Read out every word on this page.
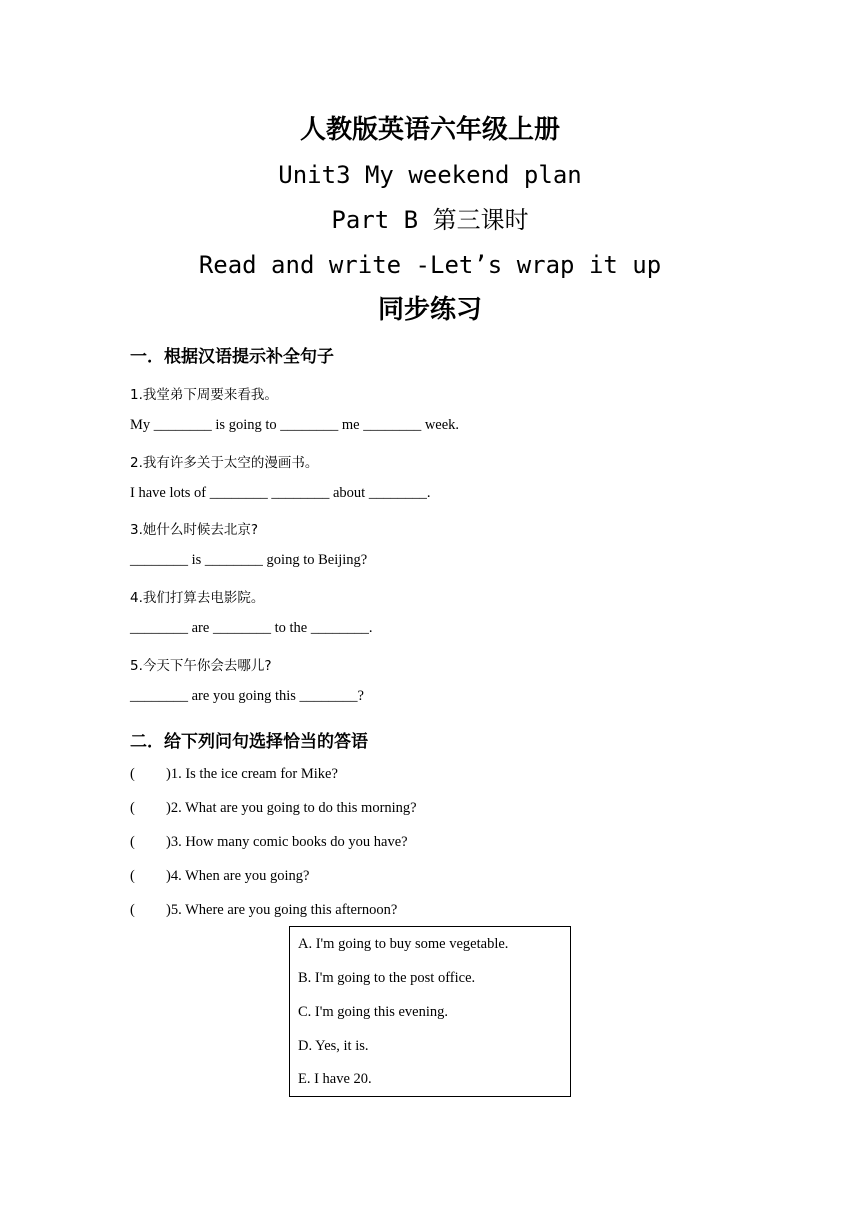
人教版英语六年级上册
Unit3 My weekend plan
Part B 第三课时
Read and write -Let’s wrap it up
同步练习
一．根据汉语提示补全句子
1.我堂弟下周要来看我。
My ________ is going to ________ me ________ week.
2.我有许多关于太空的漫画书。
I have lots of ________ ________ about ________.
3.她什么时候去北京?
________ is ________ going to Beijing?
4.我们打算去电影院。
________ are ________ to the ________.
5.今天下午你会去哪儿?
________ are you going this ________?
二．给下列问句选择恰当的答语
( )1. Is the ice cream for Mike?
( )2. What are you going to do this morning?
( )3. How many comic books do you have?
( )4. When are you going?
( )5. Where are you going this afternoon?
A. I'm going to buy some vegetable.
B. I'm going to the post office.
C. I'm going this evening.
D. Yes, it is.
E. I have 20.
